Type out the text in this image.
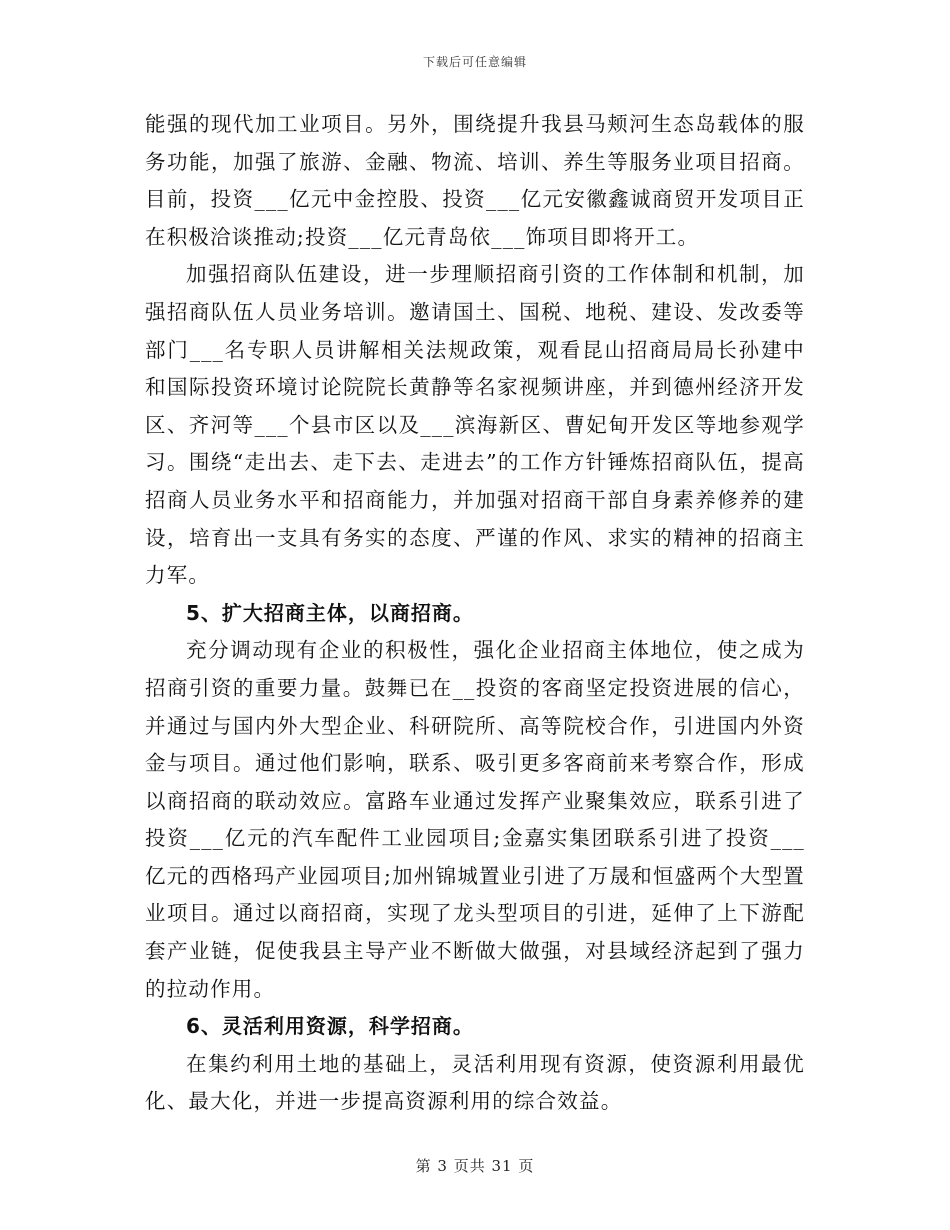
下载后可任意编辑

能强的现代加工业项目。另外，围绕提升我县马颊河生态岛载体的服务功能，加强了旅游、金融、物流、培训、养生等服务业项目招商。目前，投资___亿元中金控股、投资___亿元安徽鑫诚商贸开发项目正在积极洽谈推动;投资___亿元青岛依___饰项目即将开工。

加强招商队伍建设，进一步理顺招商引资的工作体制和机制，加强招商队伍人员业务培训。邀请国土、国税、地税、建设、发改委等部门___名专职人员讲解相关法规政策，观看昆山招商局局长孙建中和国际投资环境讨论院院长黄静等名家视频讲座，并到德州经济开发区、齐河等___个县市区以及___滨海新区、曹妃甸开发区等地参观学习。围绕“走出去、走下去、走进去”的工作方针锤炼招商队伍，提高招商人员业务水平和招商能力，并加强对招商干部自身素养修养的建设，培育出一支具有务实的态度、严谨的作风、求实的精神的招商主力军。

5、扩大招商主体，以商招商。

充分调动现有企业的积极性，强化企业招商主体地位，使之成为招商引资的重要力量。鼓舞已在__投资的客商坚定投资进展的信心，并通过与国内外大型企业、科研院所、高等院校合作，引进国内外资金与项目。通过他们影响，联系、吸引更多客商前来考察合作，形成以商招商的联动效应。富路车业通过发挥产业聚集效应，联系引进了投资___亿元的汽车配件工业园项目;金嘉实集团联系引进了投资___亿元的西格玛产业园项目;加州锦城置业引进了万晟和恒盛两个大型置业项目。通过以商招商，实现了龙头型项目的引进，延伸了上下游配套产业链，促使我县主导产业不断做大做强，对县域经济起到了强力的拉动作用。

6、灵活利用资源，科学招商。

在集约利用土地的基础上，灵活利用现有资源，使资源利用最优化、最大化，并进一步提高资源利用的综合效益。

第 3 页共 31 页
